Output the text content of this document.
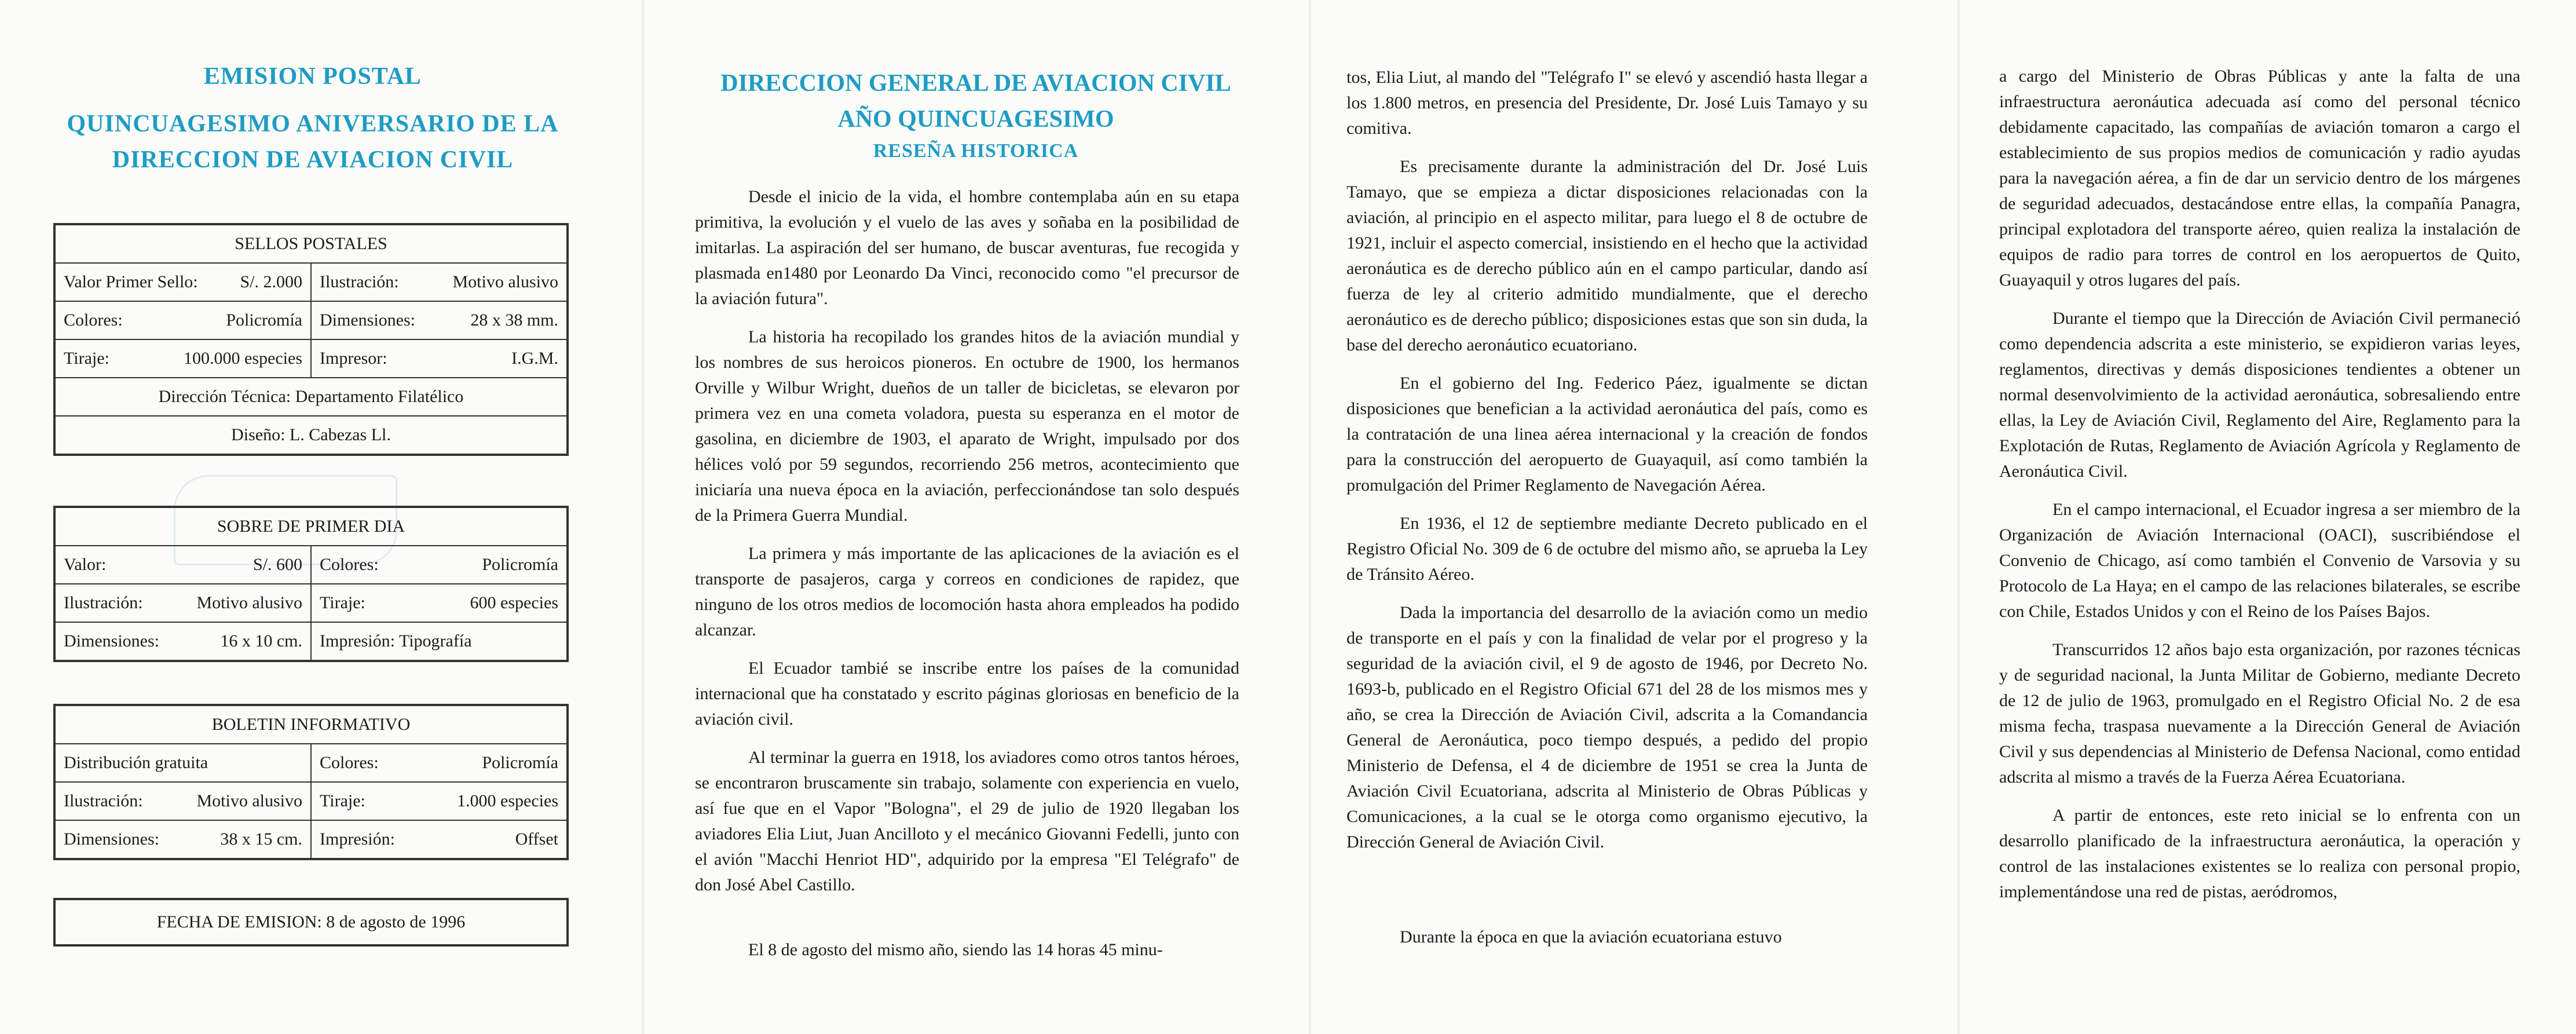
EMISION POSTAL
QUINCUAGESIMO ANIVERSARIO DE LA
DIRECCION DE AVIACION CIVIL
SELLOS POSTALES	

Valor Primer Sello: S/. 2.000	Ilustración: Motivo alusivo

Colores: Policromía	Dimensiones: 28 x 38 mm.

Tiraje: 100.000 especies	Impresor: I.G.M.

Dirección Técnica: Departamento Filatélico	
Diseño: L. Cabezas Ll.	
SOBRE DE PRIMER DIA	

Valor: S/. 600	Colores: Policromía

Ilustración: Motivo alusivo	Tiraje: 600 especies

Dimensiones: 16 x 10 cm.	Impresión: Tipografía
BOLETIN INFORMATIVO	
Distribución gratuita	Colores: Policromía

Ilustración: Motivo alusivo	Tiraje: 1.000 especies

Dimensiones: 38 x 15 cm.	Impresión: Offset
FECHA DE EMISION: 8 de agosto de 1996
DIRECCION GENERAL DE AVIACION CIVIL
AÑO QUINCUAGESIMO
RESEÑA HISTORICA

Desde el inicio de la vida, el hombre contemplaba aún en su etapa primitiva, la evolución y el vuelo de las aves y soñaba en la posibilidad de imitarlas. La aspiración del ser humano, de buscar aventuras, fue recogida y plasmada en1480 por Leonardo Da Vinci, reconocido como "el precursor de la aviación futura".

La historia ha recopilado los grandes hitos de la aviación mundial y los nombres de sus heroicos pioneros. En octubre de 1900, los hermanos Orville y Wilbur Wright, dueños de un taller de bicicletas, se elevaron por primera vez en una cometa voladora, puesta su esperanza en el motor de gasolina, en diciembre de 1903, el aparato de Wright, impulsado por dos hélices voló por 59 segundos, recorriendo 256 metros, acontecimiento que iniciaría una nueva época en la aviación, perfeccionándose tan solo después de la Primera Guerra Mundial.

La primera y más importante de las aplicaciones de la aviación es el transporte de pasajeros, carga y correos en condiciones de rapidez, que ninguno de los otros medios de locomoción hasta ahora empleados ha podido alcanzar.

El Ecuador tambié se inscribe entre los países de la comunidad internacional que ha constatado y escrito páginas gloriosas en beneficio de la aviación civil.

Al terminar la guerra en 1918, los aviadores como otros tantos héroes, se encontraron bruscamente sin trabajo, solamente con experiencia en vuelo, así fue que en el Vapor "Bologna", el 29 de julio de 1920 llegaban los aviadores Elia Liut, Juan Ancilloto y el mecánico Giovanni Fedelli, junto con el avión "Macchi Henriot HD", adquirido por la empresa "El Telégrafo" de don José Abel Castillo.

El 8 de agosto del mismo año, siendo las 14 horas 45 minu-

tos, Elia Liut, al mando del "Telégrafo I" se elevó y ascendió hasta llegar a los 1.800 metros, en presencia del Presidente, Dr. José Luis Tamayo y su comitiva.

Es precisamente durante la administración del Dr. José Luis Tamayo, que se empieza a dictar disposiciones relacionadas con la aviación, al principio en el aspecto militar, para luego el 8 de octubre de 1921, incluir el aspecto comercial, insistiendo en el hecho que la actividad aeronáutica es de derecho público aún en el campo particular, dando así fuerza de ley al criterio admitido mundialmente, que el derecho aeronáutico es de derecho público; disposiciones estas que son sin duda, la base del derecho aeronáutico ecuatoriano.

En el gobierno del Ing. Federico Páez, igualmente se dictan disposiciones que benefician a la actividad aeronáutica del país, como es la contratación de una linea aérea internacional y la creación de fondos para la construcción del aeropuerto de Guayaquil, así como también la promulgación del Primer Reglamento de Navegación Aérea.

En 1936, el 12 de septiembre mediante Decreto publicado en el Registro Oficial No. 309 de 6 de octubre del mismo año, se aprueba la Ley de Tránsito Aéreo.

Dada la importancia del desarrollo de la aviación como un medio de transporte en el país y con la finalidad de velar por el progreso y la seguridad de la aviación civil, el 9 de agosto de 1946, por Decreto No. 1693-b, publicado en el Registro Oficial 671 del 28 de los mismos mes y año, se crea la Dirección de Aviación Civil, adscrita a la Comandancia General de Aeronáutica, poco tiempo después, a pedido del propio Ministerio de Defensa, el 4 de diciembre de 1951 se crea la Junta de Aviación Civil Ecuatoriana, adscrita al Ministerio de Obras Públicas y Comunicaciones, a la cual se le otorga como organismo ejecutivo, la Dirección General de Aviación Civil.

Durante la época en que la aviación ecuatoriana estuvo

a cargo del Ministerio de Obras Públicas y ante la falta de una infraestructura aeronáutica adecuada así como del personal técnico debidamente capacitado, las compañías de aviación tomaron a cargo el establecimiento de sus propios medios de comunicación y radio ayudas para la navegación aérea, a fin de dar un servicio dentro de los márgenes de seguridad adecuados, destacándose entre ellas, la compañía Panagra, principal explotadora del transporte aéreo, quien realiza la instalación de equipos de radio para torres de control en los aeropuertos de Quito, Guayaquil y otros lugares del país.

Durante el tiempo que la Dirección de Aviación Civil permaneció como dependencia adscrita a este ministerio, se expidieron varias leyes, reglamentos, directivas y demás disposiciones tendientes a obtener un normal desenvolvimiento de la actividad aeronáutica, sobresaliendo entre ellas, la Ley de Aviación Civil, Reglamento del Aire, Reglamento para la Explotación de Rutas, Reglamento de Aviación Agrícola y Reglamento de Aeronáutica Civil.

En el campo internacional, el Ecuador ingresa a ser miembro de la Organización de Aviación Internacional (OACI), suscribiéndose el Convenio de Chicago, así como también el Convenio de Varsovia y su Protocolo de La Haya; en el campo de las relaciones bilaterales, se escribe con Chile, Estados Unidos y con el Reino de los Países Bajos.

Transcurridos 12 años bajo esta organización, por razones técnicas y de seguridad nacional, la Junta Militar de Gobierno, mediante Decreto de 12 de julio de 1963, promulgado en el Registro Oficial No. 2 de esa misma fecha, traspasa nuevamente a la Dirección General de Aviación Civil y sus dependencias al Ministerio de Defensa Nacional, como entidad adscrita al mismo a través de la Fuerza Aérea Ecuatoriana.

A partir de entonces, este reto inicial se lo enfrenta con un desarrollo planificado de la infraestructura aeronáutica, la operación y control de las instalaciones existentes se lo realiza con personal propio, implementándose una red de pistas, aeródromos,
